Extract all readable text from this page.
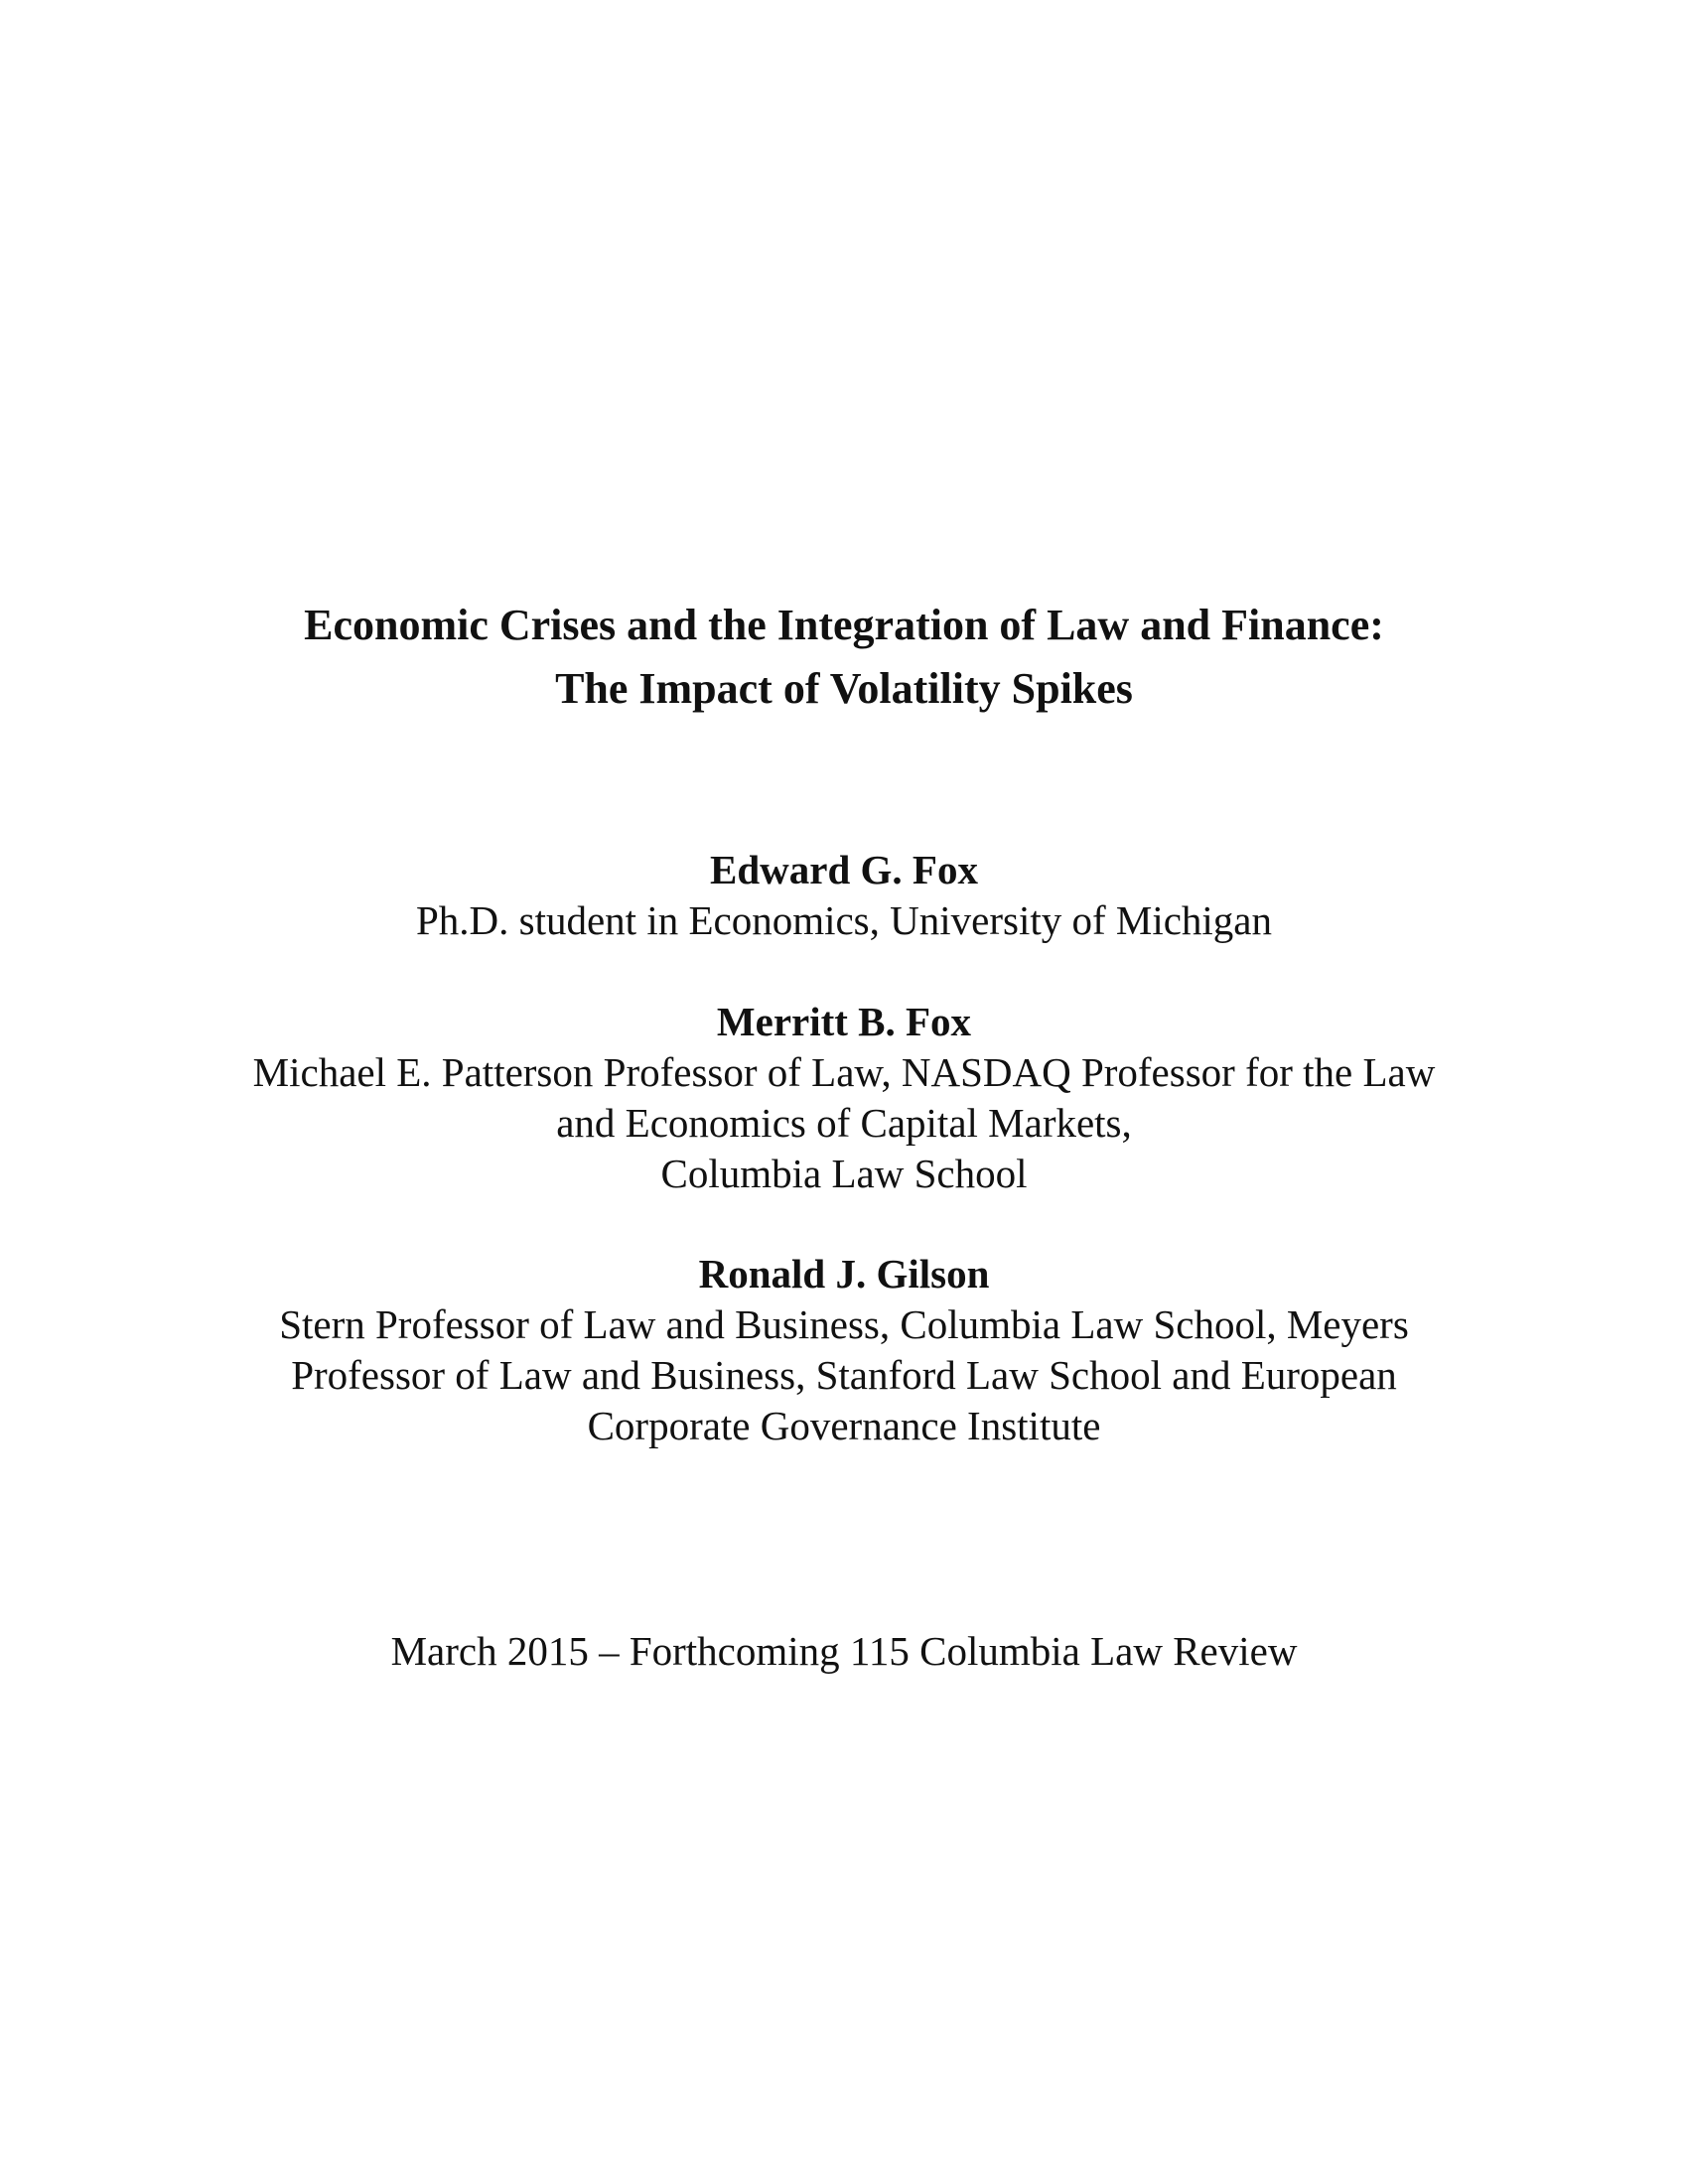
Economic Crises and the Integration of Law and Finance:
The Impact of Volatility Spikes
Edward G. Fox
Ph.D. student in Economics, University of Michigan
Merritt B. Fox
Michael E. Patterson Professor of Law, NASDAQ Professor for the Law
and Economics of Capital Markets,
Columbia Law School
Ronald J. Gilson
Stern Professor of Law and Business, Columbia Law School, Meyers
Professor of Law and Business, Stanford Law School and European
Corporate Governance Institute
March 2015 – Forthcoming 115 Columbia Law Review
